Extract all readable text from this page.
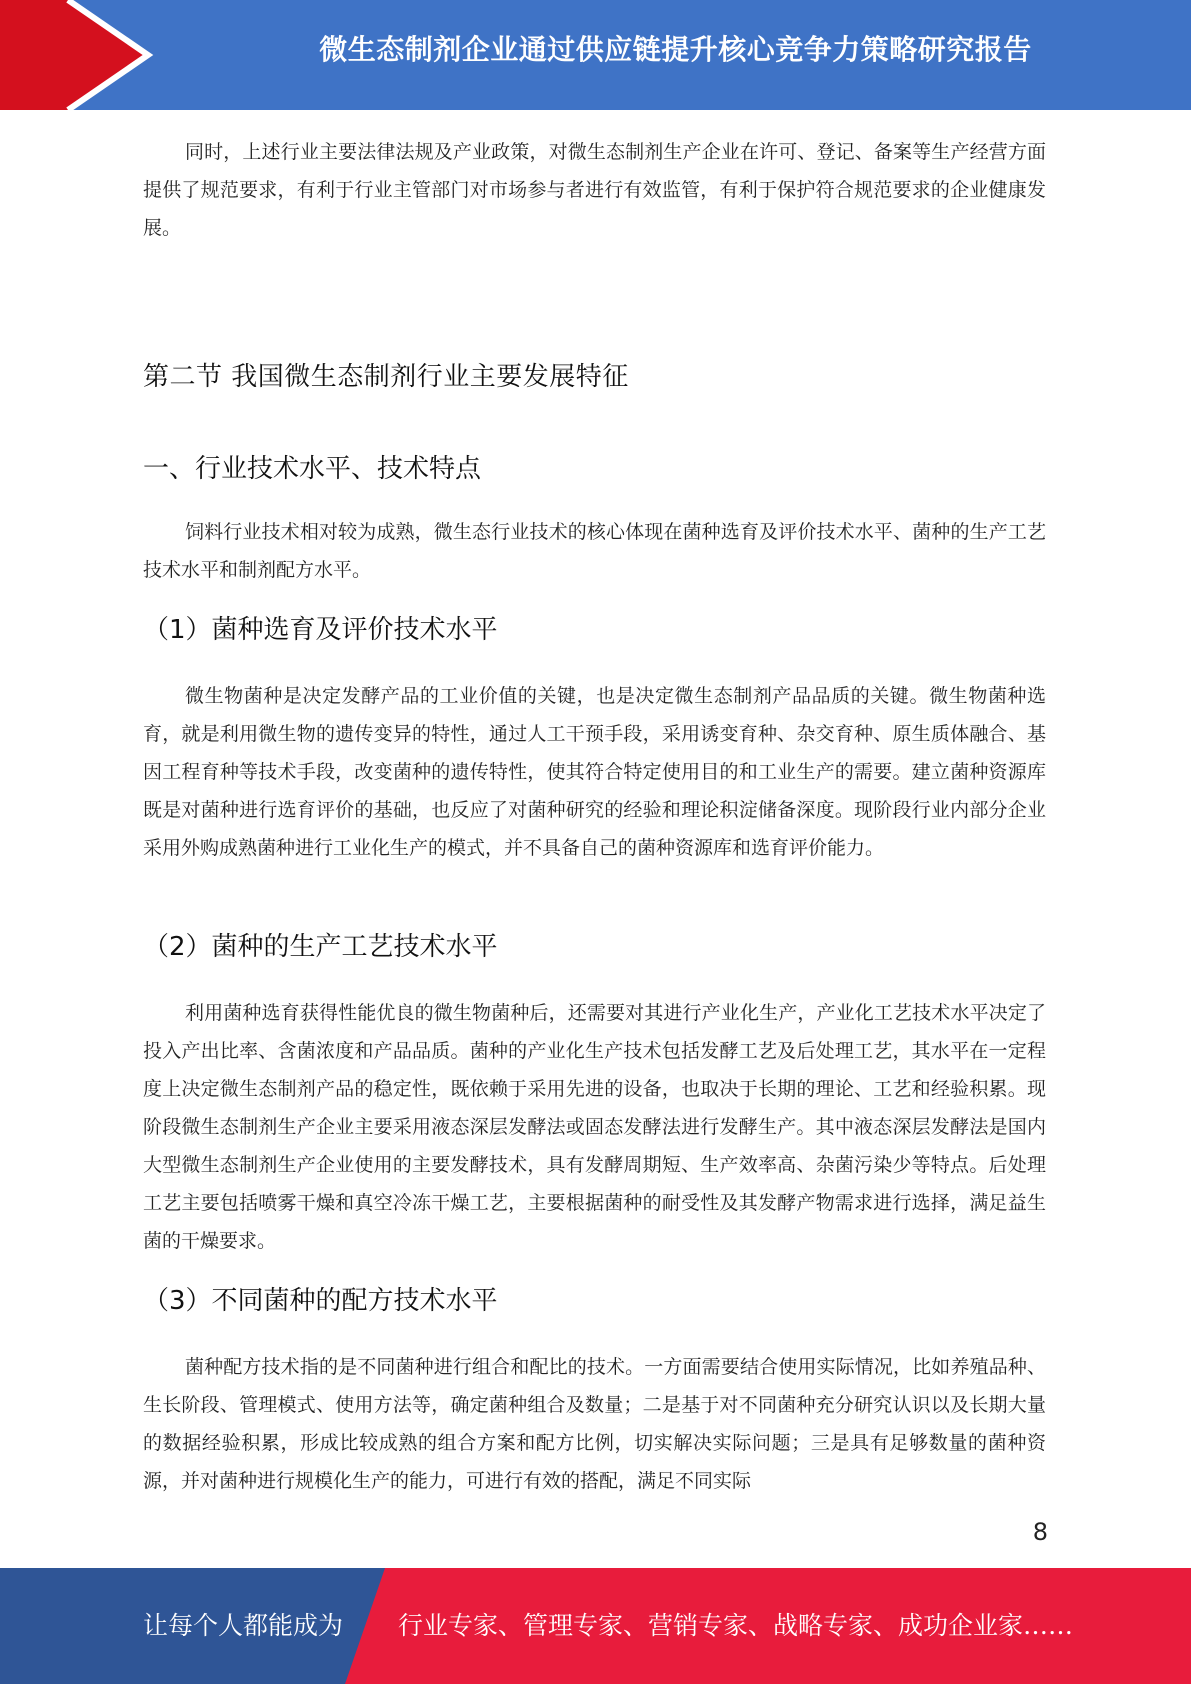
微生态制剂企业通过供应链提升核心竞争力策略研究报告

同时，上述行业主要法律法规及产业政策，对微生态制剂生产企业在许可、登记、备案等生产经营方面提供了规范要求，有利于行业主管部门对市场参与者进行有效监管，有利于保护符合规范要求的企业健康发展。

第二节 我国微生态制剂行业主要发展特征
一、行业技术水平、技术特点

饲料行业技术相对较为成熟，微生态行业技术的核心体现在菌种选育及评价技术水平、菌种的生产工艺技术水平和制剂配方水平。

（1）菌种选育及评价技术水平

微生物菌种是决定发酵产品的工业价值的关键，也是决定微生态制剂产品品质的关键。微生物菌种选育，就是利用微生物的遗传变异的特性，通过人工干预手段，采用诱变育种、杂交育种、原生质体融合、基因工程育种等技术手段，改变菌种的遗传特性，使其符合特定使用目的和工业生产的需要。建立菌种资源库既是对菌种进行选育评价的基础，也反应了对菌种研究的经验和理论积淀储备深度。现阶段行业内部分企业采用外购成熟菌种进行工业化生产的模式，并不具备自己的菌种资源库和选育评价能力。

（2）菌种的生产工艺技术水平

利用菌种选育获得性能优良的微生物菌种后，还需要对其进行产业化生产，产业化工艺技术水平决定了投入产出比率、含菌浓度和产品品质。菌种的产业化生产技术包括发酵工艺及后处理工艺，其水平在一定程度上决定微生态制剂产品的稳定性，既依赖于采用先进的设备，也取决于长期的理论、工艺和经验积累。现阶段微生态制剂生产企业主要采用液态深层发酵法或固态发酵法进行发酵生产。其中液态深层发酵法是国内大型微生态制剂生产企业使用的主要发酵技术，具有发酵周期短、生产效率高、杂菌污染少等特点。后处理工艺主要包括喷雾干燥和真空冷冻干燥工艺，主要根据菌种的耐受性及其发酵产物需求进行选择，满足益生菌的干燥要求。

（3）不同菌种的配方技术水平

菌种配方技术指的是不同菌种进行组合和配比的技术。一方面需要结合使用实际情况，比如养殖品种、生长阶段、管理模式、使用方法等，确定菌种组合及数量；二是基于对不同菌种充分研究认识以及长期大量的数据经验积累，形成比较成熟的组合方案和配方比例，切实解决实际问题；三是具有足够数量的菌种资源，并对菌种进行规模化生产的能力，可进行有效的搭配，满足不同实际

8
让每个人都能成为 行业专家、管理专家、营销专家、战略专家、成功企业家……
